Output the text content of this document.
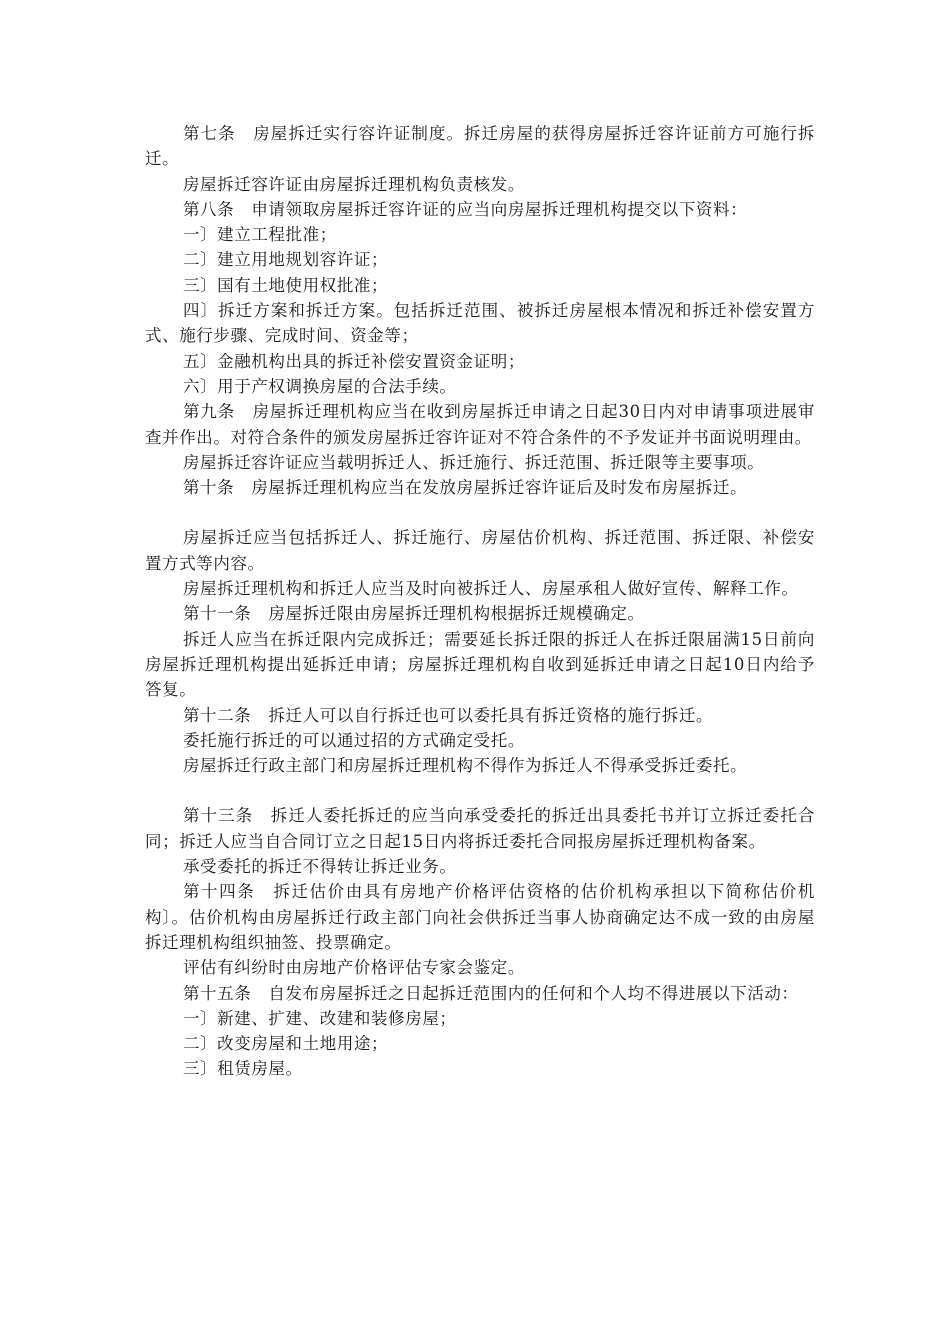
第七条　房屋拆迁实行容许证制度。拆迁房屋的获得房屋拆迁容许证前方可施行拆迁。

房屋拆迁容许证由房屋拆迁理机构负责核发。

第八条　申请领取房屋拆迁容许证的应当向房屋拆迁理机构提交以下资料：

一〕建立工程批准；

二〕建立用地规划容许证；

三〕国有土地使用权批准；

四〕拆迁方案和拆迁方案。包括拆迁范围、被拆迁房屋根本情况和拆迁补偿安置方式、施行步骤、完成时间、资金等；

五〕金融机构出具的拆迁补偿安置资金证明；

六〕用于产权调换房屋的合法手续。

第九条　房屋拆迁理机构应当在收到房屋拆迁申请之日起30日内对申请事项进展审查并作出。对符合条件的颁发房屋拆迁容许证对不符合条件的不予发证并书面说明理由。

房屋拆迁容许证应当载明拆迁人、拆迁施行、拆迁范围、拆迁限等主要事项。

第十条　房屋拆迁理机构应当在发放房屋拆迁容许证后及时发布房屋拆迁。

房屋拆迁应当包括拆迁人、拆迁施行、房屋估价机构、拆迁范围、拆迁限、补偿安置方式等内容。

房屋拆迁理机构和拆迁人应当及时向被拆迁人、房屋承租人做好宣传、解释工作。

第十一条　房屋拆迁限由房屋拆迁理机构根据拆迁规模确定。

拆迁人应当在拆迁限内完成拆迁；需要延长拆迁限的拆迁人在拆迁限届满15日前向房屋拆迁理机构提出延拆迁申请；房屋拆迁理机构自收到延拆迁申请之日起10日内给予答复。

第十二条　拆迁人可以自行拆迁也可以委托具有拆迁资格的施行拆迁。

委托施行拆迁的可以通过招的方式确定受托。

房屋拆迁行政主部门和房屋拆迁理机构不得作为拆迁人不得承受拆迁委托。

第十三条　拆迁人委托拆迁的应当向承受委托的拆迁出具委托书并订立拆迁委托合同；拆迁人应当自合同订立之日起15日内将拆迁委托合同报房屋拆迁理机构备案。

承受委托的拆迁不得转让拆迁业务。

第十四条　拆迁估价由具有房地产价格评估资格的估价机构承担以下简称估价机构〕。估价机构由房屋拆迁行政主部门向社会供拆迁当事人协商确定达不成一致的由房屋拆迁理机构组织抽签、投票确定。

评估有纠纷时由房地产价格评估专家会鉴定。

第十五条　自发布房屋拆迁之日起拆迁范围内的任何和个人均不得进展以下活动：

一〕新建、扩建、改建和装修房屋；

二〕改变房屋和土地用途；

三〕租赁房屋。
